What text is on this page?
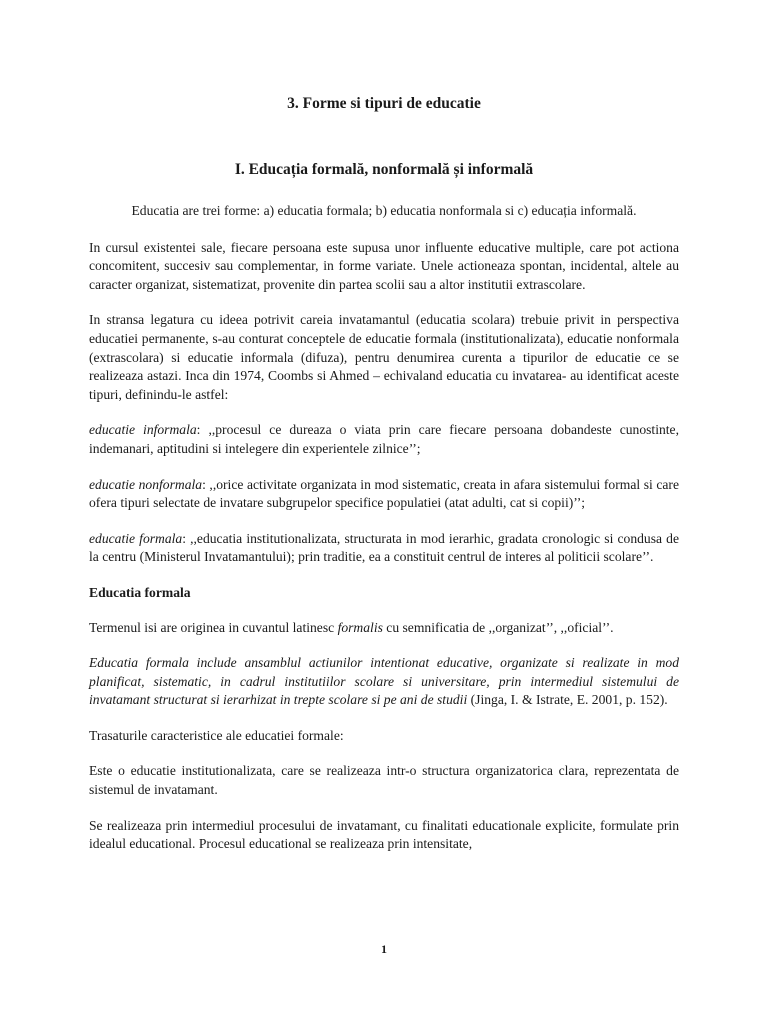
3. Forme si tipuri de educatie
I. Educația formală, nonformală și informală

Educatia are trei forme: a) educatia formala; b) educatia nonformala si c) educația informală.

In cursul existentei sale, fiecare persoana este supusa unor influente educative multiple, care pot actiona concomitent, succesiv sau complementar, in forme variate. Unele actioneaza spontan, incidental, altele au caracter organizat, sistematizat, provenite din partea scolii sau a altor institutii extrascolare.

In stransa legatura cu ideea potrivit careia invatamantul (educatia scolara) trebuie privit in perspectiva educatiei permanente, s-au conturat conceptele de educatie formala (institutionalizata), educatie nonformala (extrascolara) si educatie informala (difuza), pentru denumirea curenta a tipurilor de educatie ce se realizeaza astazi. Inca din 1974, Coombs si Ahmed – echivaland educatia cu invatarea- au identificat aceste tipuri, definindu-le astfel:

educatie informala: ,,procesul ce dureaza o viata prin care fiecare persoana dobandeste cunostinte, indemanari, aptitudini si intelegere din experientele zilnice’’;

educatie nonformala: ,,orice activitate organizata in mod sistematic, creata in afara sistemului formal si care ofera tipuri selectate de invatare subgrupelor specifice populatiei (atat adulti, cat si copii)’’;

educatie formala: ,,educatia institutionalizata, structurata in mod ierarhic, gradata cronologic si condusa de la centru (Ministerul Invatamantului); prin traditie, ea a constituit centrul de interes al politicii scolare’’.

Educatia formala

Termenul isi are originea in cuvantul latinesc formalis cu semnificatia de ,,organizat’’, ,,oficial’’.

Educatia formala include ansamblul actiunilor intentionat educative, organizate si realizate in mod planificat, sistematic, in cadrul institutiilor scolare si universitare, prin intermediul sistemului de invatamant structurat si ierarhizat in trepte scolare si pe ani de studii (Jinga, I. & Istrate, E. 2001, p. 152).

Trasaturile caracteristice ale educatiei formale:

Este o educatie institutionalizata, care se realizeaza intr-o structura organizatorica clara, reprezentata de sistemul de invatamant.

Se realizeaza prin intermediul procesului de invatamant, cu finalitati educationale explicite, formulate prin idealul educational. Procesul educational se realizeaza prin intensitate,

1
